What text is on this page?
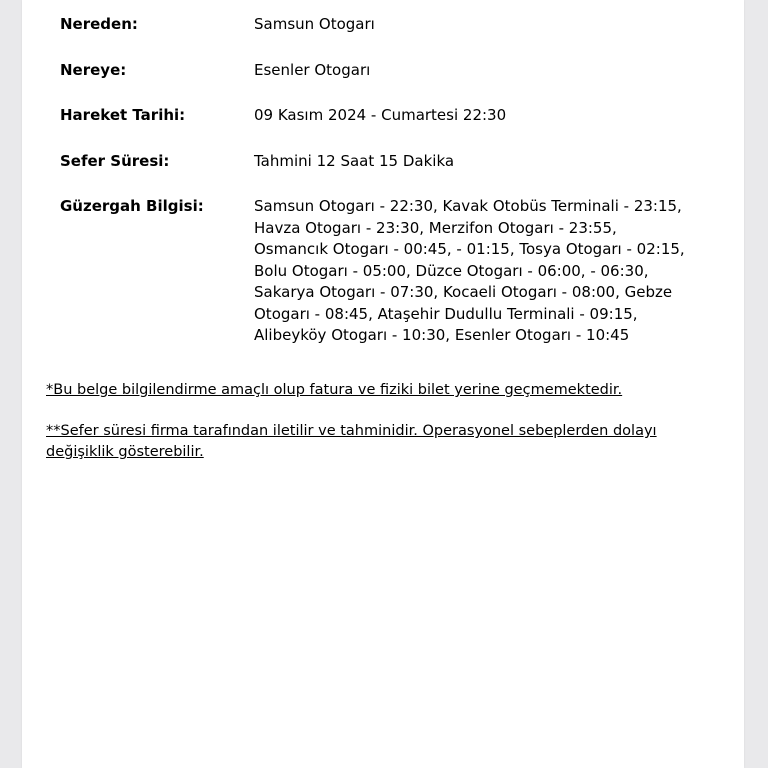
Nereden:	Samsun Otogarı
Nereye:	Esenler Otogarı
Hareket Tarihi:	09 Kasım 2024 - Cumartesi 22:30
Sefer Süresi:	Tahmini 12 Saat 15 Dakika
Güzergah Bilgisi:	Samsun Otogarı - 22:30, Kavak Otobüs Terminali - 23:15,
Havza Otogarı - 23:30, Merzifon Otogarı - 23:55,
Osmancık Otogarı - 00:45, - 01:15, Tosya Otogarı - 02:15,
Bolu Otogarı - 05:00, Düzce Otogarı - 06:00, - 06:30,
Sakarya Otogarı - 07:30, Kocaeli Otogarı - 08:00, Gebze
Otogarı - 08:45, Ataşehir Dudullu Terminali - 09:15,
Alibeyköy Otogarı - 10:30, Esenler Otogarı - 10:45

*Bu belge bilgilendirme amaçlı olup fatura ve fiziki bilet yerine geçmemektedir.

**Sefer süresi firma tarafından iletilir ve tahminidir. Operasyonel sebeplerden dolayı değişiklik gösterebilir.
